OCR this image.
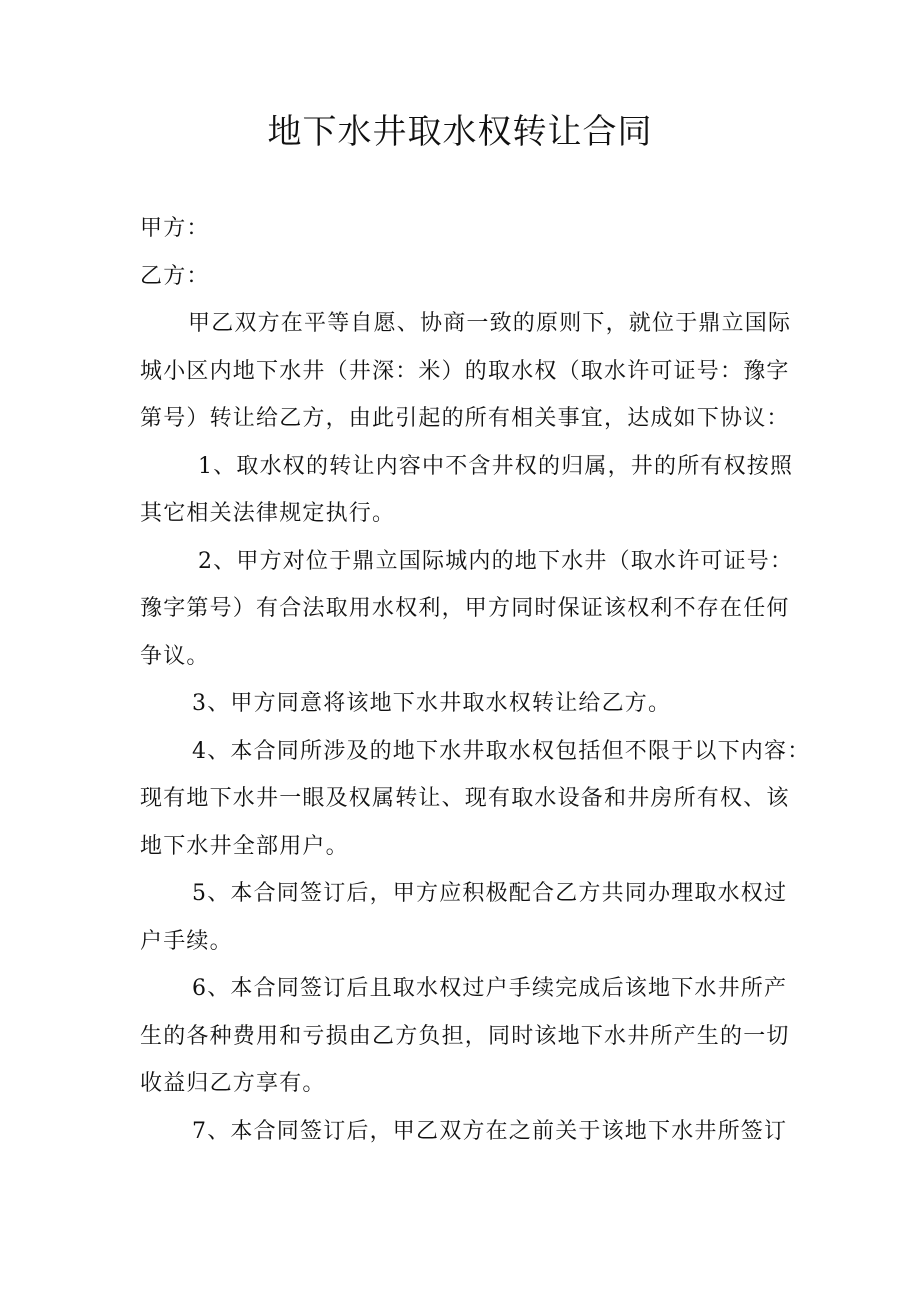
地下水井取水权转让合同
甲方：
乙方：
甲乙双方在平等自愿、协商一致的原则下，就位于鼎立国际
城小区内地下水井（井深：米）的取水权（取水许可证号：豫字
第号）转让给乙方，由此引起的所有相关事宜，达成如下协议：
1、取水权的转让内容中不含井权的归属，井的所有权按照
其它相关法律规定执行。
2、甲方对位于鼎立国际城内的地下水井（取水许可证号：
豫字第号）有合法取用水权利，甲方同时保证该权利不存在任何
争议。
3、甲方同意将该地下水井取水权转让给乙方。
4、本合同所涉及的地下水井取水权包括但不限于以下内容：
现有地下水井一眼及权属转让、现有取水设备和井房所有权、该
地下水井全部用户。
5、本合同签订后，甲方应积极配合乙方共同办理取水权过
户手续。
6、本合同签订后且取水权过户手续完成后该地下水井所产
生的各种费用和亏损由乙方负担，同时该地下水井所产生的一切
收益归乙方享有。
7、本合同签订后，甲乙双方在之前关于该地下水井所签订
